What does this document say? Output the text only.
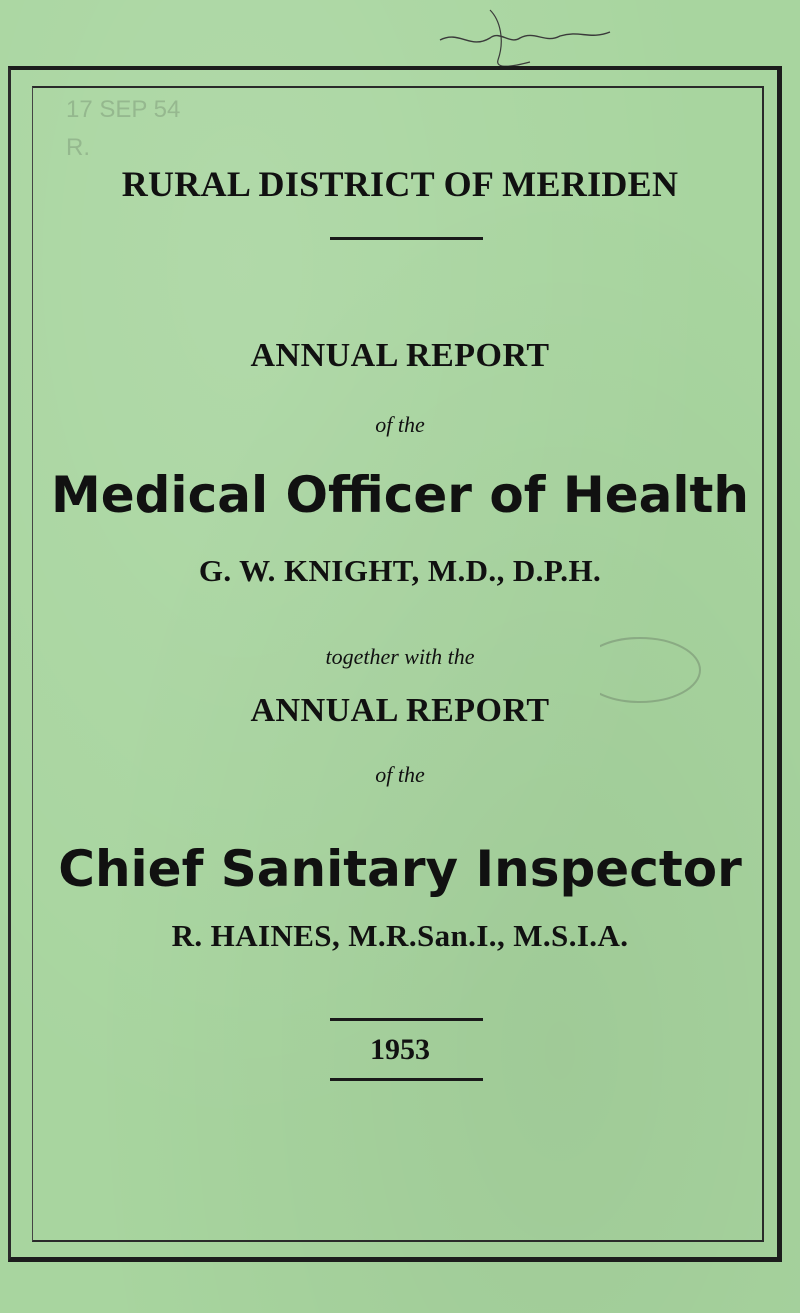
17 SEP 54
R.
RURAL DISTRICT OF MERIDEN
ANNUAL REPORT
of the
Medical Officer of Health
G. W. KNIGHT, M.D., D.P.H.
together with the
ANNUAL REPORT
of the
Chief Sanitary Inspector
R. HAINES, M.R.San.I., M.S.I.A.
1953
